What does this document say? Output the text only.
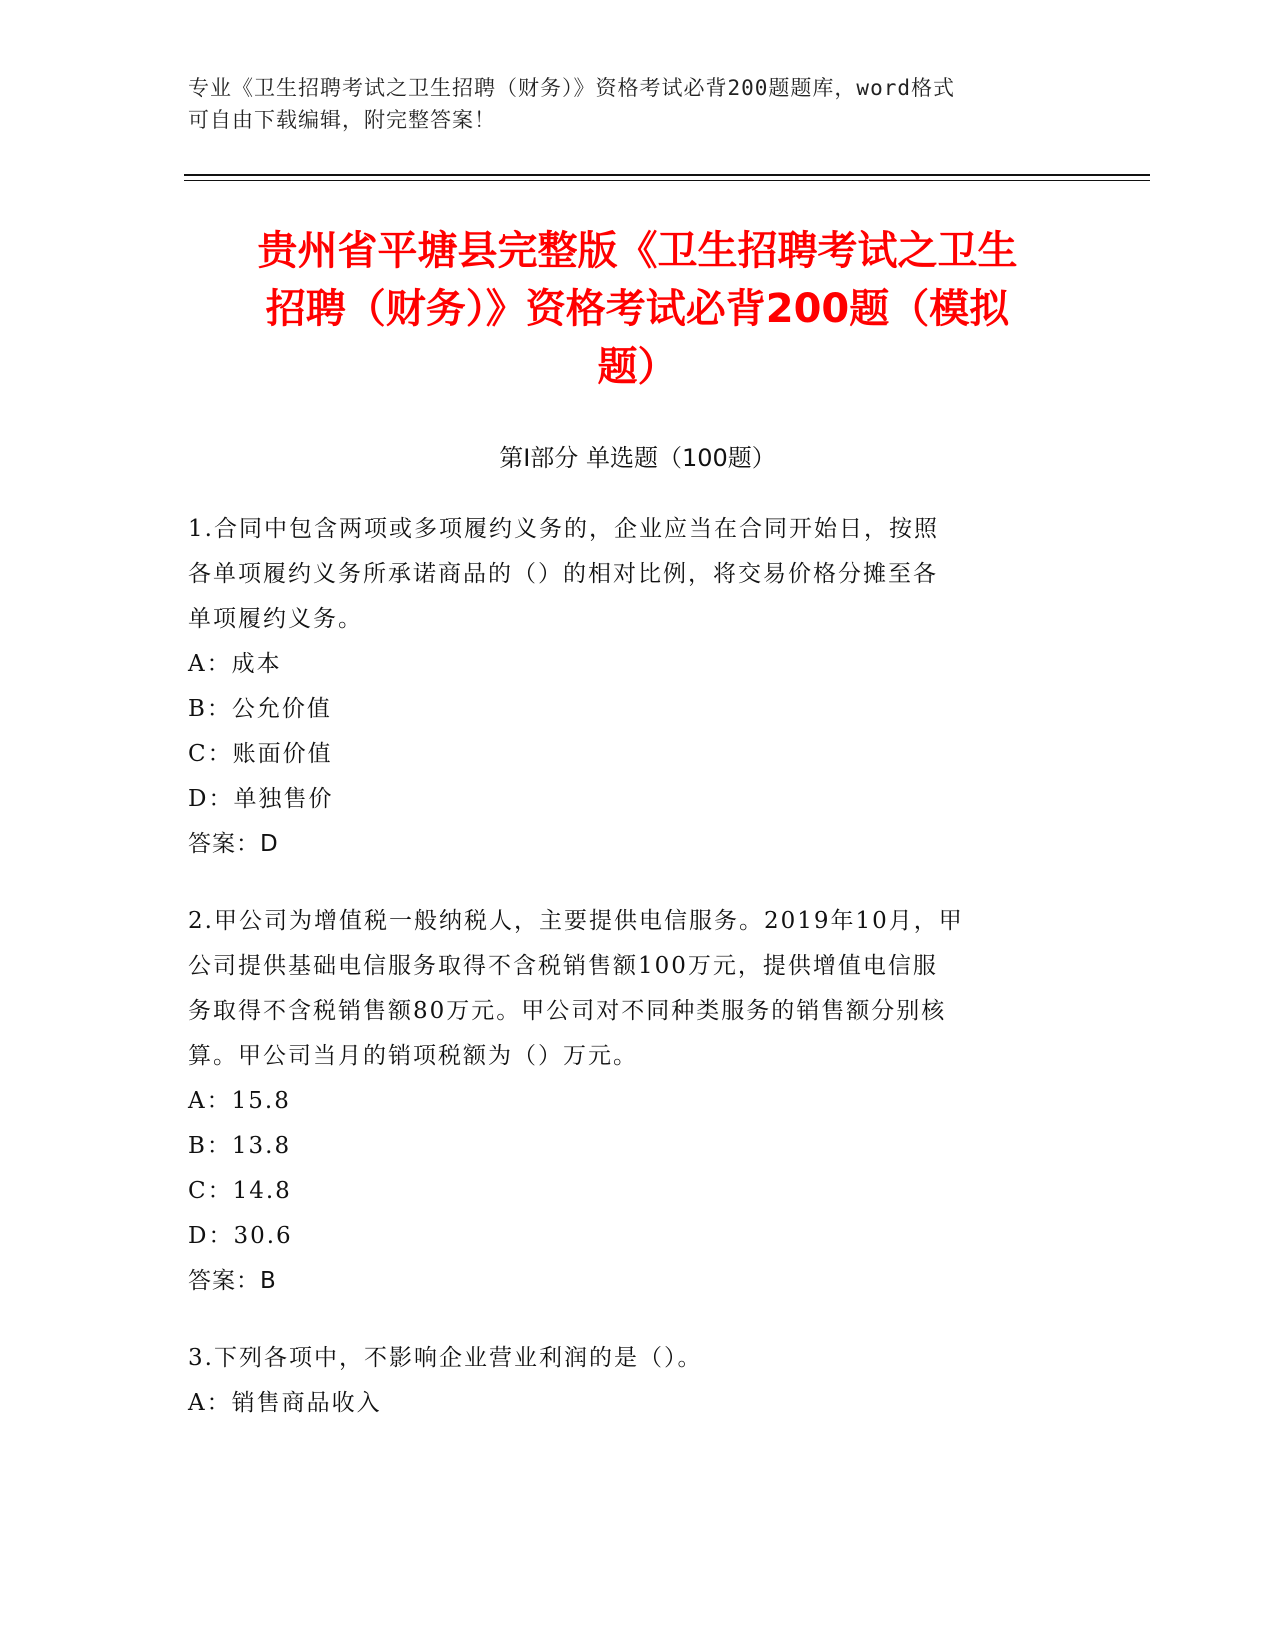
专业《卫生招聘考试之卫生招聘（财务）》资格考试必背200题题库，word格式
可自由下载编辑，附完整答案！
贵州省平塘县完整版《卫生招聘考试之卫生
招聘（财务）》资格考试必背200题（模拟
题）
第Ⅰ部分 单选题（100题）
1.合同中包含两项或多项履约义务的，企业应当在合同开始日，按照
各单项履约义务所承诺商品的（）的相对比例，将交易价格分摊至各
单项履约义务。
A：成本
B：公允价值
C：账面价值
D：单独售价
答案：D
2.甲公司为增值税一般纳税人，主要提供电信服务。2019年10月，甲
公司提供基础电信服务取得不含税销售额100万元，提供增值电信服
务取得不含税销售额80万元。甲公司对不同种类服务的销售额分别核
算。甲公司当月的销项税额为（）万元。
A：15.8
B：13.8
C：14.8
D：30.6
答案：B
3.下列各项中，不影响企业营业利润的是（）。
A：销售商品收入
